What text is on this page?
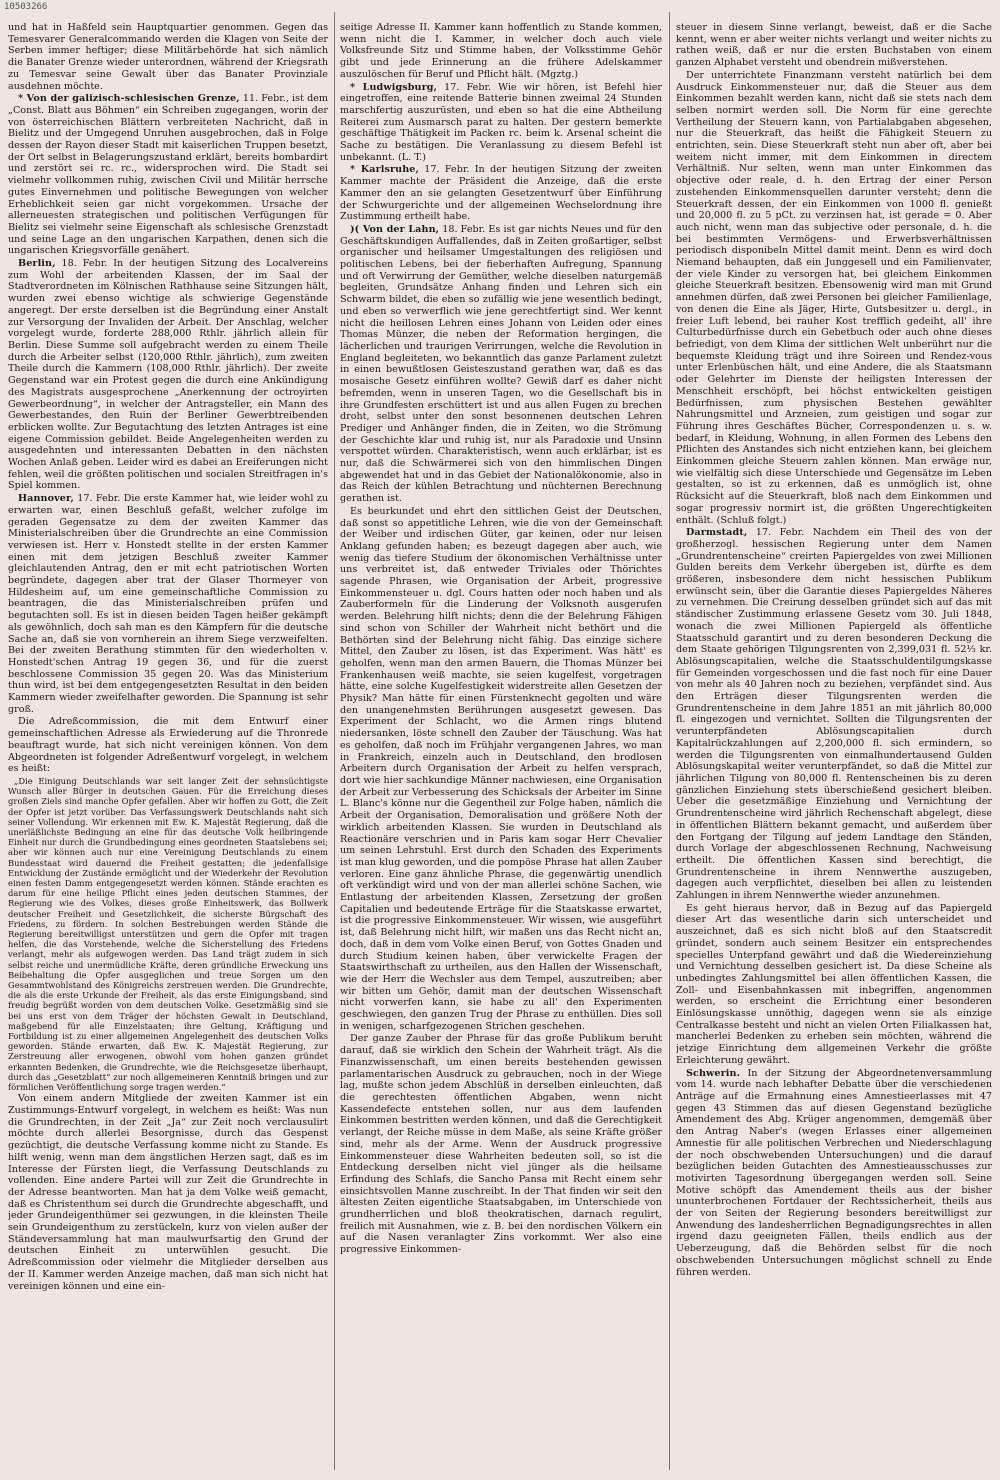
10503266

und hat in Haßfeld sein Hauptquartier genommen. Gegen das Temesvarer Generalcommando werden die Klagen von Seite der Serben immer heftiger; diese Militärbehörde hat sich nämlich die Banater Grenze wieder unterordnen, während der Kriegsrath zu Temesvar seine Gewalt über das Banater Provinziale ausdehnen möchte.

* Von der galizisch-schlesischen Grenze, 11. Febr., ist dem „Const. Blatt aus Böhmen“ ein Schreiben zugegangen, worin der von österreichischen Blättern verbreiteten Nachricht, daß in Bielitz und der Umgegend Unruhen ausgebrochen, daß in Folge dessen der Rayon dieser Stadt mit kaiserlichen Truppen besetzt, der Ort selbst in Belagerungszustand erklärt, bereits bombardirt und zerstört sei rc. rc., widersprochen wird. Die Stadt sei vielmehr vollkommen ruhig, zwischen Civil und Militär herrsche gutes Einvernehmen und politische Bewegungen von welcher Erheblichkeit seien gar nicht vorgekommen. Ursache der allerneuesten strategischen und politischen Verfügungen für Bielitz sei vielmehr seine Eigenschaft als schlesische Grenzstadt und seine Lage an den ungarischen Karpathen, denen sich die ungarischen Kriegsvorfälle genähert.

Berlin, 18. Febr. In der heutigen Sitzung des Localvereins zum Wohl der arbeitenden Klassen, der im Saal der Stadtverordneten im Kölnischen Rathhause seine Sitzungen hält, wurden zwei ebenso wichtige als schwierige Gegenstände angeregt. Der erste derselben ist die Begründung einer Anstalt zur Versorgung der Invaliden der Arbeit. Der Anschlag, welcher vorgelegt wurde, forderte 288,000 Rthlr. jährlich allein für Berlin. Diese Summe soll aufgebracht werden zu einem Theile durch die Arbeiter selbst (120,000 Rthlr. jährlich), zum zweiten Theile durch die Kammern (108,000 Rthlr. jährlich). Der zweite Gegenstand war ein Protest gegen die durch eine Ankündigung des Magistrats ausgesprochene „Anerkennung der octroyirten Gewerbeordnung“, in welcher der Antragsteller, ein Mann des Gewerbestandes, den Ruin der Berliner Gewerbtreibenden erblicken wollte. Zur Begutachtung des letzten Antrages ist eine eigene Commission gebildet. Beide Angelegenheiten werden zu ausgedehnten und interessanten Debatten in den nächsten Wochen Anlaß geben. Leider wird es dabei an Ereiferungen nicht fehlen, weil die größten politischen und socialen Streitfragen in's Spiel kommen.

Hannover, 17. Febr. Die erste Kammer hat, wie leider wohl zu erwarten war, einen Beschluß gefaßt, welcher zufolge im geraden Gegensatze zu dem der zweiten Kammer das Ministerialschreiben über die Grundrechte an eine Commission verwiesen ist. Herr v. Honstedt stellte in der ersten Kammer einen mit dem jetzigen Beschluß zweiter Kammer gleichlautenden Antrag, den er mit echt patriotischen Worten begründete, dagegen aber trat der Glaser Thormeyer von Hildesheim auf, um eine gemeinschaftliche Commission zu beantragen, die das Ministerialschreiben prüfen und begutachten soll. Es ist in diesen beiden Tagen heißer gekämpft als gewöhnlich, doch sah man es den Kämpfern für die deutsche Sache an, daß sie von vornherein an ihrem Siege verzweifelten. Bei der zweiten Berathung stimmten für den wiederholten v. Honstedt'schen Antrag 19 gegen 36, und für die zuerst beschlossene Commission 35 gegen 20. Was das Ministerium thun wird, ist bei dem entgegengesetzten Resultat in den beiden Kammern wieder zweifelhafter geworden. Die Spannung ist sehr groß.

Die Adreßcommission, die mit dem Entwurf einer gemeinschaftlichen Adresse als Erwiederung auf die Thronrede beauftragt wurde, hat sich nicht vereinigen können. Von dem Abgeordneten ist folgender Adreßentwurf vorgelegt, in welchem es heißt:

„Die Einigung Deutschlands war seit langer Zeit der sehnsüchtigste Wunsch aller Bürger in deutschen Gauen. Für die Erreichung dieses großen Ziels sind manche Opfer gefallen. Aber wir hoffen zu Gott, die Zeit der Opfer ist jetzt vorüber. Das Verfassungswerk Deutschlands naht sich seiner Vollendung. Wir erkennen mit Ew. K. Majestät Regierung, daß die unerläßlichste Bedingung an eine für das deutsche Volk heilbringende Einheit nur durch die Grundbedingung eines geordneten Staatslebens sei; aber wir können auch nur eine Vereinigung Deutschlands zu einem Bundesstaat wird dauernd die Freiheit gestatten; die jedenfallsige Entwicklung der Zustände ermöglicht und der Wiederkehr der Revolution einen festen Damm entgegengesetzt werden können. Stände erachten es darum für eine heilige Pflicht eines jeden deutschen Stammes, der Regierung wie des Volkes, dieses große Einheitswerk, das Bollwerk deutscher Freiheit und Gesetzlichkeit, die sicherste Bürgschaft des Friedens, zu fördern. In solchen Bestrebungen werden Stände die Regierung bereitwilligst unterstützen und gern die Opfer mit tragen helfen, die das Vorstehende, welche die Sicherstellung des Friedens verlangt, mehr als aufgewogen werden. Das Land trägt zudem in sich selbst reiche und unermüdliche Kräfte, deren gründliche Erweckung uns Beibehaltung die Opfer ausgeglichen und treue Sorgen um den Gesammtwohlstand des Königreichs zerstreuen werden. Die Grundrechte, die als die erste Urkunde der Freiheit, als das erste Einigungsband, sind freudig begrüßt worden von dem deutschen Volke. Gesetzmäßig sind sie bei uns erst von dem Träger der höchsten Gewalt in Deutschland, maßgebend für alle Einzelstaaten; ihre Geltung, Kräftigung und Fortbildung ist zu einer allgemeinen Angelegenheit des deutschen Volks geworden. Stände erwarten, daß Ew. K. Majestät Regierung, zur Zerstreuung aller erwogenen, obwohl vom hohen ganzen gründet erkannten Bedenken, die Grundrechte, wie die Reichsgesetze überhaupt, durch das „Gesetzblatt“ zur noch allgemeineren Kenntniß bringen und zur förmlichen Veröffentlichung sorge tragen werden.“

Von einem andern Mitgliede der zweiten Kammer ist ein Zustimmungs-Entwurf vorgelegt, in welchem es heißt: Was nun die Grundrechten, in der Zeit „Ja“ zur Zeit noch verclausulirt möchte durch allerlei Besorgnisse, durch das Gespenst gezüchtigt, die deutsche Verfassung komme nicht zu Stande. Es hilft wenig, wenn man dem ängstlichen Herzen sagt, daß es im Interesse der Fürsten liegt, die Verfassung Deutschlands zu vollenden. Eine andere Partei will zur Zeit die Grundrechte in der Adresse beantworten. Man hat ja dem Volke weiß gemacht, daß es Christenthum sei durch die Grundrechte abgeschafft, und jeder Grundeigenthümer sei gezwungen, in die kleinsten Theile sein Grundeigenthum zu zerstückeln, kurz von vielen außer der Ständeversammlung hat man maulwurfsartig den Grund der deutschen Einheit zu unterwühlen gesucht. Die Adreßcommission oder vielmehr die Mitglieder derselben aus der II. Kammer werden Anzeige machen, daß man sich nicht hat vereinigen können und eine ein-

seitige Adresse II. Kammer kann hoffentlich zu Stande kommen, wenn nicht die I. Kammer, in welcher doch auch viele Volksfreunde Sitz und Stimme haben, der Volksstimme Gehör gibt und jede Erinnerung an die frühere Adelskammer auszulöschen für Beruf und Pflicht hält. (Mgztg.)

* Ludwigsburg, 17. Febr. Wie wir hören, ist Befehl hier eingetroffen, eine reitende Batterie binnen zweimal 24 Stunden marschfertig auszurüsten, und eben so hat die eine Abtheilung Reiterei zum Ausmarsch parat zu halten. Der gestern bemerkte geschäftige Thätigkeit im Packen rc. beim k. Arsenal scheint die Sache zu bestätigen. Die Veranlassung zu diesem Befehl ist unbekannt. (L. T.)

* Karlsruhe, 17. Febr. In der heutigen Sitzung der zweiten Kammer machte der Präsident die Anzeige, daß die erste Kammer den an sie gelangten Gesetzentwurf über Einführung der Schwurgerichte und der allgemeinen Wechselordnung ihre Zustimmung ertheilt habe.

)( Von der Lahn, 18. Febr. Es ist gar nichts Neues und für den Geschäftskundigen Auffallendes, daß in Zeiten großartiger, selbst organischer und heilsamer Umgestaltungen des religiösen und politischen Lebens, bei der fieberhaften Aufregung, Spannung und oft Verwirrung der Gemüther, welche dieselben naturgemäß begleiten, Grundsätze Anhang finden und Lehren sich ein Schwarm bildet, die eben so zufällig wie jene wesentlich bedingt, und eben so verwerflich wie jene gerechtfertigt sind. Wer kennt nicht die heillosen Lehren eines Johann von Leiden oder eines Thomas Münzer, die neben der Reformation hergingen, die lächerlichen und traurigen Verirrungen, welche die Revolution in England begleiteten, wo bekanntlich das ganze Parlament zuletzt in einen bewußtlosen Geisteszustand gerathen war, daß es das mosaische Gesetz einführen wollte? Gewiß darf es daher nicht befremden, wenn in unseren Tagen, wo die Gesellschaft bis in ihre Grundfesten erschüttert ist und aus allen Fugen zu brechen droht, selbst unter den sonst besonnenen deutschen Lehren Prediger und Anhänger finden, die in Zeiten, wo die Strömung der Geschichte klar und ruhig ist, nur als Paradoxie und Unsinn verspottet würden. Charakteristisch, wenn auch erklärbar, ist es nur, daß die Schwärmerei sich von den himmlischen Dingen abgewendet hat und in das Gebiet der Nationalökonomie, also in das Reich der kühlen Betrachtung und nüchternen Berechnung gerathen ist.

Es beurkundet und ehrt den sittlichen Geist der Deutschen, daß sonst so appetitliche Lehren, wie die von der Gemeinschaft der Weiber und irdischen Güter, gar keinen, oder nur leisen Anklang gefunden haben; es bezeugt dagegen aber auch, wie wenig das tiefere Studium der ökonomischen Verhältnisse unter uns verbreitet ist, daß entweder Triviales oder Thörichtes sagende Phrasen, wie Organisation der Arbeit, progressive Einkommensteuer u. dgl. Cours hatten oder noch haben und als Zauberformeln für die Linderung der Volksnoth ausgerufen werden. Belehrung hilft nichts; denn die der Belehrung Fähigen sind schon von Schiller der Wahrheit nicht bethört und die Bethörten sind der Belehrung nicht fähig. Das einzige sichere Mittel, den Zauber zu lösen, ist das Experiment. Was hätt' es geholfen, wenn man den armen Bauern, die Thomas Münzer bei Frankenhausen weiß machte, sie seien kugelfest, vorgetragen hätte, eine solche Kugelfestigkeit widerstreite allen Gesetzen der Physik? Man hätte für einen Fürstenknecht gegolten und wäre den unangenehmsten Berührungen ausgesetzt gewesen. Das Experiment der Schlacht, wo die Armen rings blutend niedersanken, löste schnell den Zauber der Täuschung. Was hat es geholfen, daß noch im Frühjahr vergangenen Jahres, wo man in Frankreich, einzeln auch in Deutschland, den brodlosen Arbeitern durch Organisation der Arbeit zu helfen versprach, dort wie hier sachkundige Männer nachwiesen, eine Organisation der Arbeit zur Verbesserung des Schicksals der Arbeiter im Sinne L. Blanc's könne nur die Gegentheil zur Folge haben, nämlich die Arbeit der Organisation, Demoralisation und größere Noth der wirklich arbeitenden Klassen. Sie wurden in Deutschland als Reactionäre verschrien und in Paris kam sogar Herr Chevalier um seinen Lehrstuhl. Erst durch den Schaden des Experiments ist man klug geworden, und die pompöse Phrase hat allen Zauber verloren. Eine ganz ähnliche Phrase, die gegenwärtig unendlich oft verkündigt wird und von der man allerlei schöne Sachen, wie Entlastung der arbeitenden Klassen, Zersetzung der großen Capitalien und bedeutende Erträge für die Staatskasse erwartet, ist die progressive Einkommensteuer. Wir wissen, wie ausgeführt ist, daß Belehrung nicht hilft, wir maßen uns das Recht nicht an, doch, daß in dem vom Volke einen Beruf, von Gottes Gnaden und durch Studium keinen haben, über verwickelte Fragen der Staatswirthschaft zu urtheilen, aus den Hallen der Wissenschaft, wie der Herr die Wechsler aus dem Tempel, auszutreiben; aber wir bitten um Gehör, damit man der deutschen Wissenschaft nicht vorwerfen kann, sie habe zu all' den Experimenten geschwiegen, den ganzen Trug der Phrase zu enthüllen. Dies soll in wenigen, scharfgezogenen Strichen geschehen.

Der ganze Zauber der Phrase für das große Publikum beruht darauf, daß sie wirklich den Schein der Wahrheit trägt. Als die Finanzwissenschaft, um einen bereits bestehenden gewissen parlamentarischen Ausdruck zu gebrauchen, noch in der Wiege lag, mußte schon jedem Abschlüß in derselben einleuchten, daß die gerechtesten öffentlichen Abgaben, wenn nicht Kassendefecte entstehen sollen, nur aus dem laufenden Einkommen bestritten werden können, und daß die Gerechtigkeit verlangt, der Reiche müsse in dem Maße, als seine Kräfte größer sind, mehr als der Arme. Wenn der Ausdruck progressive Einkommensteuer diese Wahrheiten bedeuten soll, so ist die Entdeckung derselben nicht viel jünger als die heilsame Erfindung des Schlafs, die Sancho Pansa mit Recht einem sehr einsichtsvollen Manne zuschreibt. In der That finden wir seit den ältesten Zeiten eigentliche Staatsabgaben, im Unterschiede von grundherrlichen und bloß theokratischen, darnach regulirt, freilich mit Ausnahmen, wie z. B. bei den nordischen Völkern ein auf die Nasen veranlagter Zins vorkommt. Wer also eine progressive Einkommen-

steuer in diesem Sinne verlangt, beweist, daß er die Sache kennt, wenn er aber weiter nichts verlangt und weiter nichts zu rathen weiß, daß er nur die ersten Buchstaben von einem ganzen Alphabet versteht und obendrein mißverstehen.

Der unterrichtete Finanzmann versteht natürlich bei dem Ausdruck Einkommensteuer nur, daß die Steuer aus dem Einkommen bezahlt werden kann, nicht daß sie stets nach dem selben normirt werden soll. Die Norm für eine gerechte Vertheilung der Steuern kann, von Partialabgaben abgesehen, nur die Steuerkraft, das heißt die Fähigkeit Steuern zu entrichten, sein. Diese Steuerkraft steht nun aber oft, aber bei weitem nicht immer, mit dem Einkommen in directem Verhältniß. Nur selten, wenn man unter Einkommen das objective oder reale, d. h. den Ertrag der einer Person zustehenden Einkommensquellen darunter versteht; denn die Steuerkraft dessen, der ein Einkommen von 1000 fl. genießt und 20,000 fl. zu 5 pCt. zu verzinsen hat, ist gerade = 0. Aber auch nicht, wenn man das subjective oder personale, d. h. die bei bestimmten Vermögens- und Erwerbsverhältnissen periodisch disponibeln Mittel damit meint. Denn es wird doch Niemand behaupten, daß ein Junggesell und ein Familienvater, der viele Kinder zu versorgen hat, bei gleichem Einkommen gleiche Steuerkraft besitzen. Ebensowenig wird man mit Grund annehmen dürfen, daß zwei Personen bei gleicher Familienlage, von denen die Eine als Jäger, Hirte, Gutsbesitzer u. dergl., in freier Luft lebend, bei rauher Kost trefflich gedeiht, all' ihre Culturbedürfnisse durch ein Gebetbuch oder auch ohne dieses befriedigt, von dem Klima der sittlichen Welt unberührt nur die bequemste Kleidung trägt und ihre Soireen und Rendez-vous unter Erlenbüschen hält, und eine Andere, die als Staatsmann oder Gelehrter im Dienste der heiligsten Interessen der Menschheit erschöpft, bei höchst entwickelten geistigen Bedürfnissen, zum physischen Bestehen gewählter Nahrungsmittel und Arzneien, zum geistigen und sogar zur Führung ihres Geschäftes Bücher, Correspondenzen u. s. w. bedarf, in Kleidung, Wohnung, in allen Formen des Lebens den Pflichten des Anstandes sich nicht entziehen kann, bei gleichem Einkommen gleiche Steuern zahlen können. Man erwäge nur, wie vielfältig sich diese Unterschiede und Gegensätze im Leben gestalten, so ist zu erkennen, daß es unmöglich ist, ohne Rücksicht auf die Steuerkraft, bloß nach dem Einkommen und sogar progressiv normirt ist, die größten Ungerechtigkeiten enthält. (Schluß folgt.)

Darmstadt, 17. Febr. Nachdem ein Theil des von der großherzogl. hessischen Regierung unter dem Namen „Grundrentenscheine“ creirten Papiergeldes von zwei Millionen Gulden bereits dem Verkehr übergeben ist, dürfte es dem größeren, insbesondere dem nicht hessischen Publikum erwünscht sein, über die Garantie dieses Papiergeldes Näheres zu vernehmen. Die Creirung desselben gründet sich auf das mit ständischer Zustimmung erlassene Gesetz vom 30. Juli 1848, wonach die zwei Millionen Papiergeld als öffentliche Staatsschuld garantirt und zu deren besonderen Deckung die dem Staate gehörigen Tilgungsrenten von 2,399,031 fl. 52⅓ kr. Ablösungscapitalien, welche die Staatsschuldentilgungskasse für Gemeinden vorgeschossen und die fast noch für eine Dauer von mehr als 40 Jahren noch zu beziehen, verpfändet sind. Aus den Erträgen dieser Tilgungsrenten werden die Grundrentenscheine in dem Jahre 1851 an mit jährlich 80,000 fl. eingezogen und vernichtet. Sollten die Tilgungsrenten der verunterpfändeten Ablösungscapitalien durch Kapitalrückzahlungen auf 2,200,000 fl. sich ermindern, so werden die Tilgungsrenten von einmalhundertausend Gulden Ablösungskapital weiter verunterpfändet, so daß die Mittel zur jährlichen Tilgung von 80,000 fl. Rentenscheinen bis zu deren gänzlichen Einziehung stets überschießend gesichert bleiben. Ueber die gesetzmäßige Einziehung und Vernichtung der Grundrentenscheine wird jährlich Rechenschaft abgelegt, diese in öffentlichen Blättern bekannt gemacht, und außerdem über den Fortgang der Tilgung auf jedem Landtage den Ständen, durch Vorlage der abgeschlossenen Rechnung, Nachweisung ertheilt. Die öffentlichen Kassen sind berechtigt, die Grundrentenscheine in ihrem Nennwerthe auszugeben, dagegen auch verpflichtet, dieselben bei allen zu leistenden Zahlungen in ihrem Nennwerthe wieder anzunehmen.

Es geht hieraus hervor, daß in Bezug auf das Papiergeld dieser Art das wesentliche darin sich unterscheidet und auszeichnet, daß es sich nicht bloß auf den Staatscredit gründet, sondern auch seinem Besitzer ein entsprechendes specielles Unterpfand gewährt und daß die Wiedereinziehung und Vernichtung desselben gesichert ist. Da diese Scheine als unbedingtes Zahlungsmittel bei allen öffentlichen Kassen, die Zoll- und Eisenbahnkassen mit inbegriffen, angenommen werden, so erscheint die Errichtung einer besonderen Einlösungskasse unnöthig, dagegen wenn sie als einzige Centralkasse besteht und nicht an vielen Orten Filialkassen hat, mancherlei Bedenken zu erheben sein möchten, während die jetzige Einrichtung dem allgemeinen Verkehr die größte Erleichterung gewährt.

Schwerin. In der Sitzung der Abgeordnetenversammlung vom 14. wurde nach lebhafter Debatte über die verschiedenen Anträge auf die Ermahnung eines Amnestieerlasses mit 47 gegen 43 Stimmen das auf diesen Gegenstand bezügliche Amendement des Abg. Krüger angenommen, demgemäß über den Antrag Naber's (wegen Erlasses einer allgemeinen Amnestie für alle politischen Verbrechen und Niederschlagung der noch obschwebenden Untersuchungen) und die darauf bezüglichen beiden Gutachten des Amnestieausschusses zur motivirten Tagesordnung übergegangen werden soll. Seine Motive schöpft das Amendement theils aus der bisher ununterbrochenen Fortdauer der Rechtssicherheit, theils aus der von Seiten der Regierung besonders bereitwilligst zur Anwendung des landesherrlichen Begnadigungsrechtes in allen irgend dazu geeigneten Fällen, theils endlich aus der Ueberzeugung, daß die Behörden selbst für die noch obschwebenden Untersuchungen möglichst schnell zu Ende führen werden.
